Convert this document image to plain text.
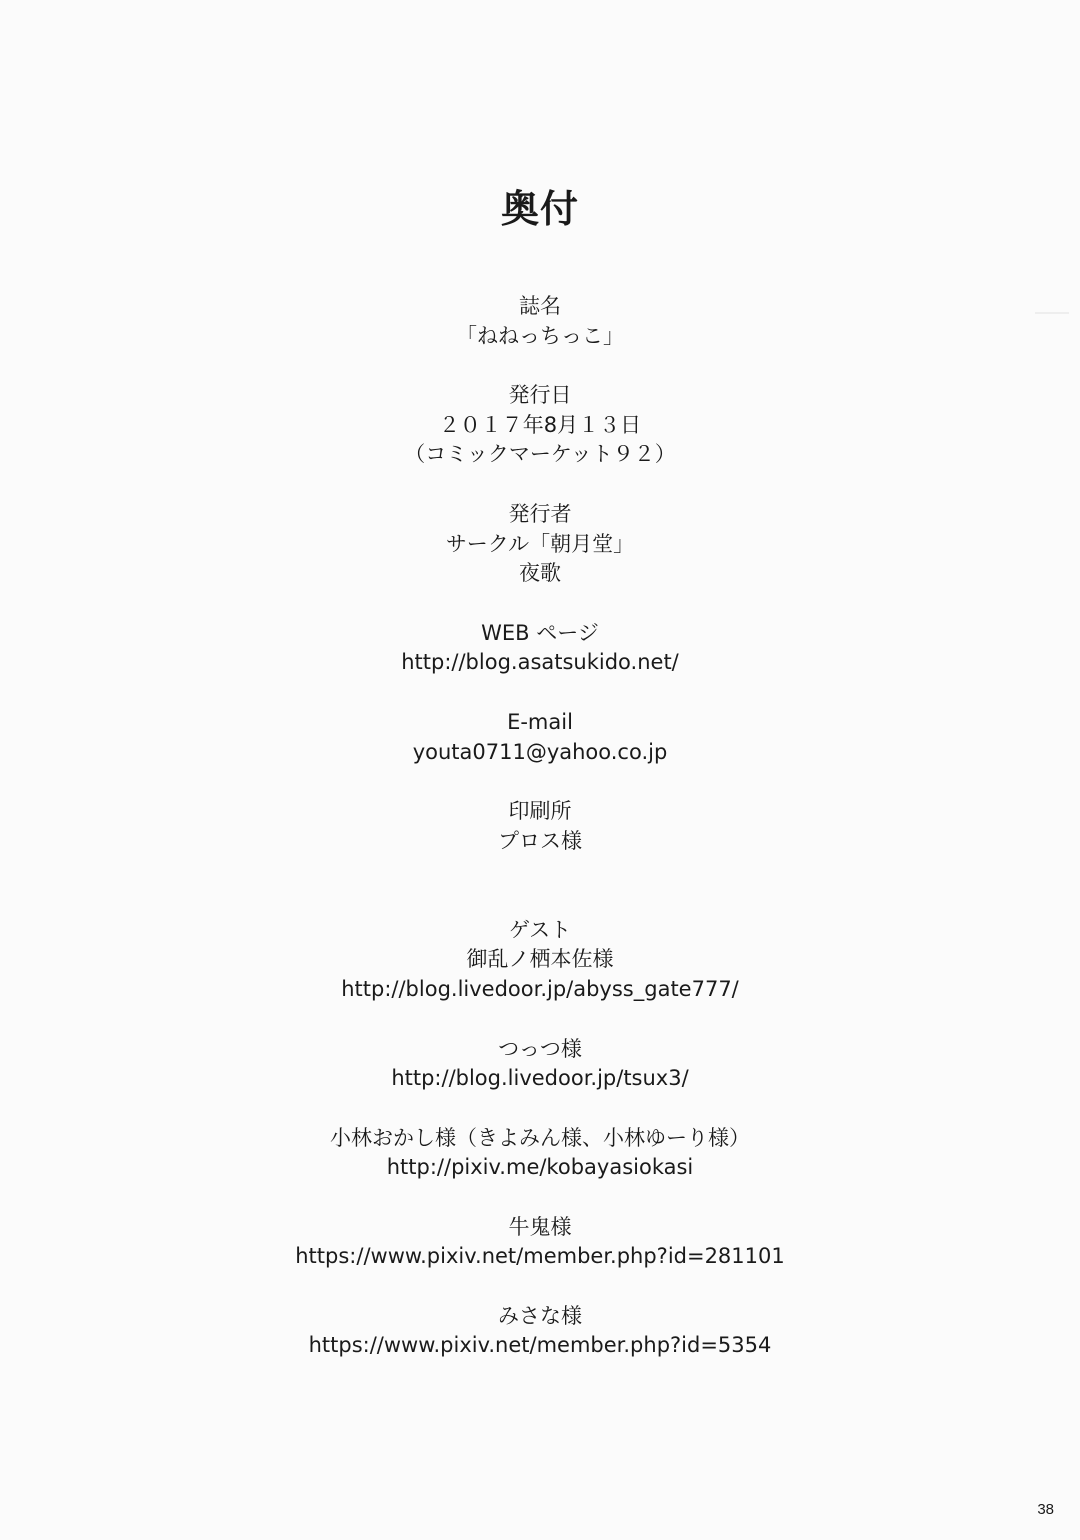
奥付
誌名
「ねねっちっこ」
発行日
２０１７年8月１３日
（コミックマーケット９２）
発行者
サークル「朝月堂」
夜歌
WEB ページ
http://blog.asatsukido.net/
E-mail
youta0711@yahoo.co.jp
印刷所
プロス様
ゲスト
御乱ノ栖本佐様
http://blog.livedoor.jp/abyss_gate777/
つっつ様
http://blog.livedoor.jp/tsux3/
小林おかし様（きよみん様、小林ゆーり様）
http://pixiv.me/kobayasiokasi
牛鬼様
https://www.pixiv.net/member.php?id=281101
みさな様
https://www.pixiv.net/member.php?id=5354
38
